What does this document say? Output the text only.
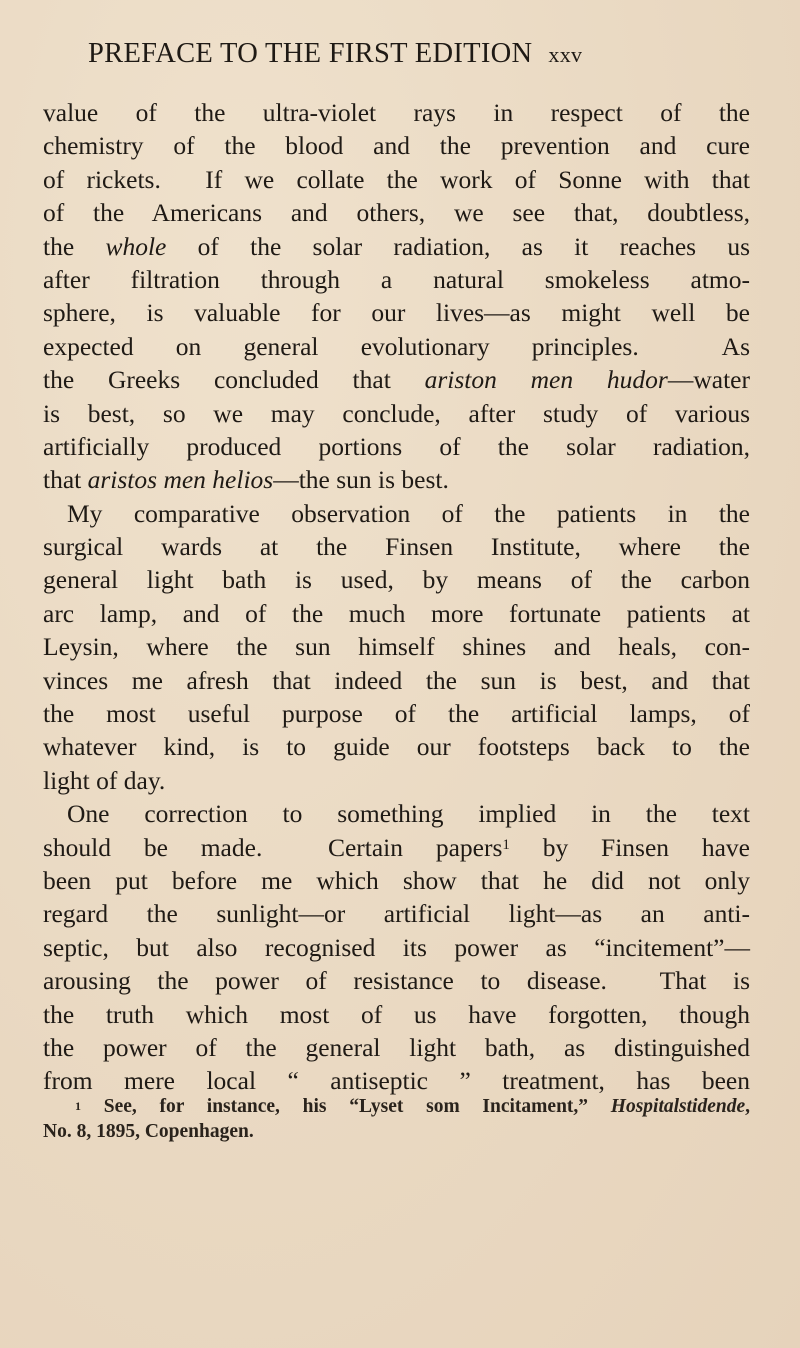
PREFACE TO THE FIRST EDITION xxv
value of the ultra-violet rays in respect of the
chemistry of the blood and the prevention and cure
of rickets.  If we collate the work of Sonne with that
of the Americans and others, we see that, doubtless,
the whole of the solar radiation, as it reaches us
after filtration through a natural smokeless atmo-
sphere, is valuable for our lives—as might well be
expected on general evolutionary principles.  As
the Greeks concluded that ariston men hudor—water
is best, so we may conclude, after study of various
artificially produced portions of the solar radiation,
that aristos men helios—the sun is best.
My comparative observation of the patients in the
surgical wards at the Finsen Institute, where the
general light bath is used, by means of the carbon
arc lamp, and of the much more fortunate patients at
Leysin, where the sun himself shines and heals, con-
vinces me afresh that indeed the sun is best, and that
the most useful purpose of the artificial lamps, of
whatever kind, is to guide our footsteps back to the
light of day.
One correction to something implied in the text
should be made.  Certain papers$^1$ by Finsen have
been put before me which show that he did not only
regard the sunlight—or artificial light—as an anti-
septic, but also recognised its power as “incitement”—
arousing the power of resistance to disease.  That is
the truth which most of us have forgotten, though
the power of the general light bath, as distinguished
from mere local “ antiseptic ” treatment, has been
$^1$ See, for instance, his “Lyset som Incitament,” Hospitalstidende,
No. 8, 1895, Copenhagen.
